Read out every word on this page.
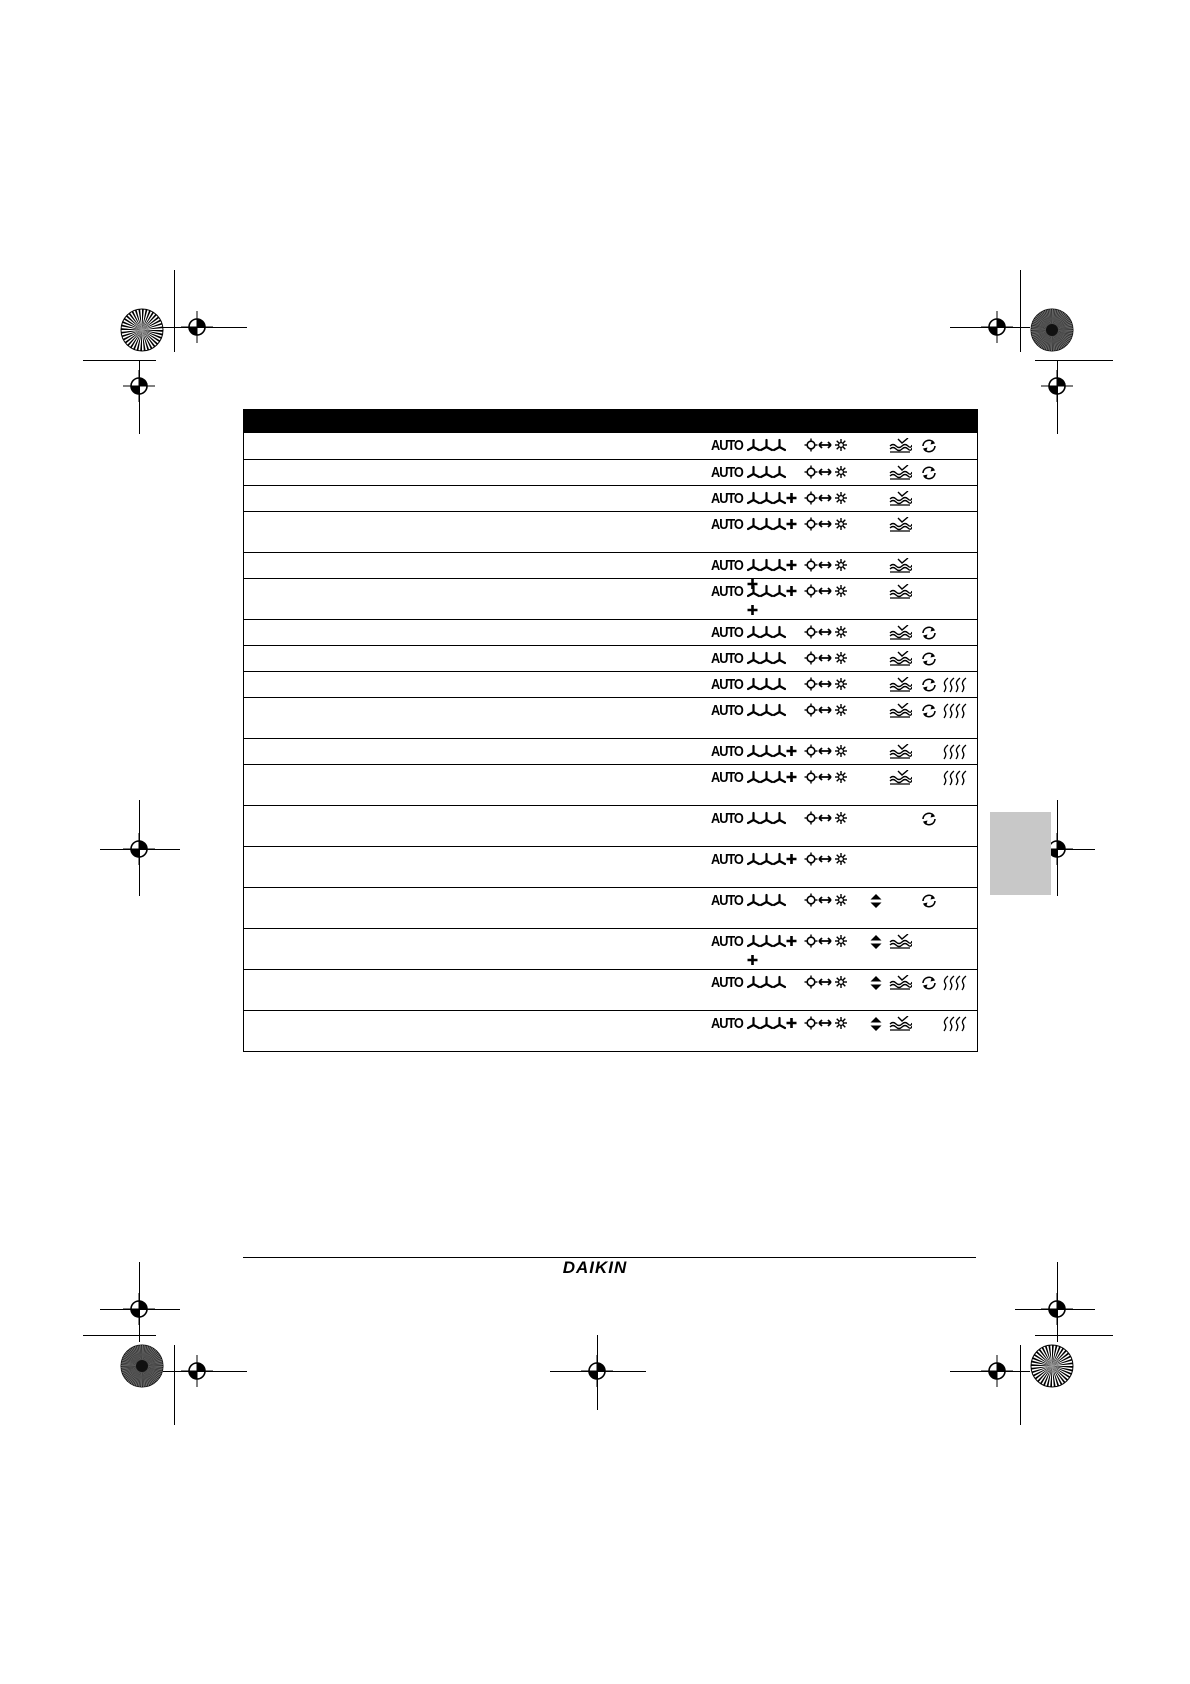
AUTO
AUTO
AUTO
AUTO
AUTO
AUTO
AUTO
AUTO
AUTO
AUTO
AUTO
AUTO
AUTO
AUTO
AUTO
AUTO
AUTO
AUTO
DAIKIN
